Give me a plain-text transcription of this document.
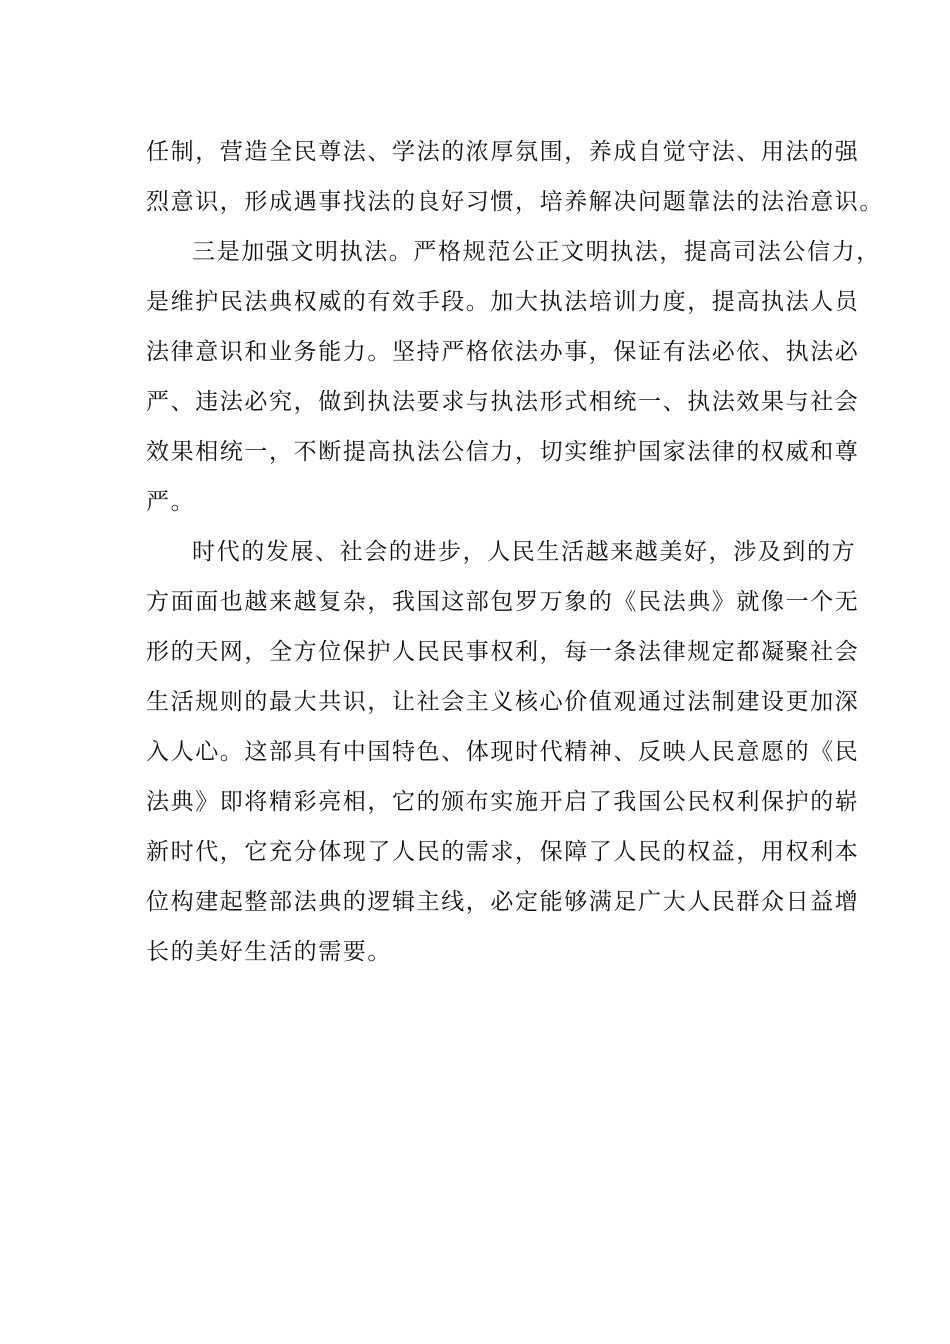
任制，营造全民尊法、学法的浓厚氛围，养成自觉守法、用法的强
烈意识，形成遇事找法的良好习惯，培养解决问题靠法的法治意识。
三是加强文明执法。严格规范公正文明执法，提高司法公信力，
是维护民法典权威的有效手段。加大执法培训力度，提高执法人员
法律意识和业务能力。坚持严格依法办事，保证有法必依、执法必
严、违法必究，做到执法要求与执法形式相统一、执法效果与社会
效果相统一，不断提高执法公信力，切实维护国家法律的权威和尊
严。
时代的发展、社会的进步，人民生活越来越美好，涉及到的方
方面面也越来越复杂，我国这部包罗万象的《民法典》就像一个无
形的天网，全方位保护人民民事权利，每一条法律规定都凝聚社会
生活规则的最大共识，让社会主义核心价值观通过法制建设更加深
入人心。这部具有中国特色、体现时代精神、反映人民意愿的《民
法典》即将精彩亮相，它的颁布实施开启了我国公民权利保护的崭
新时代，它充分体现了人民的需求，保障了人民的权益，用权利本
位构建起整部法典的逻辑主线，必定能够满足广大人民群众日益增
长的美好生活的需要。
